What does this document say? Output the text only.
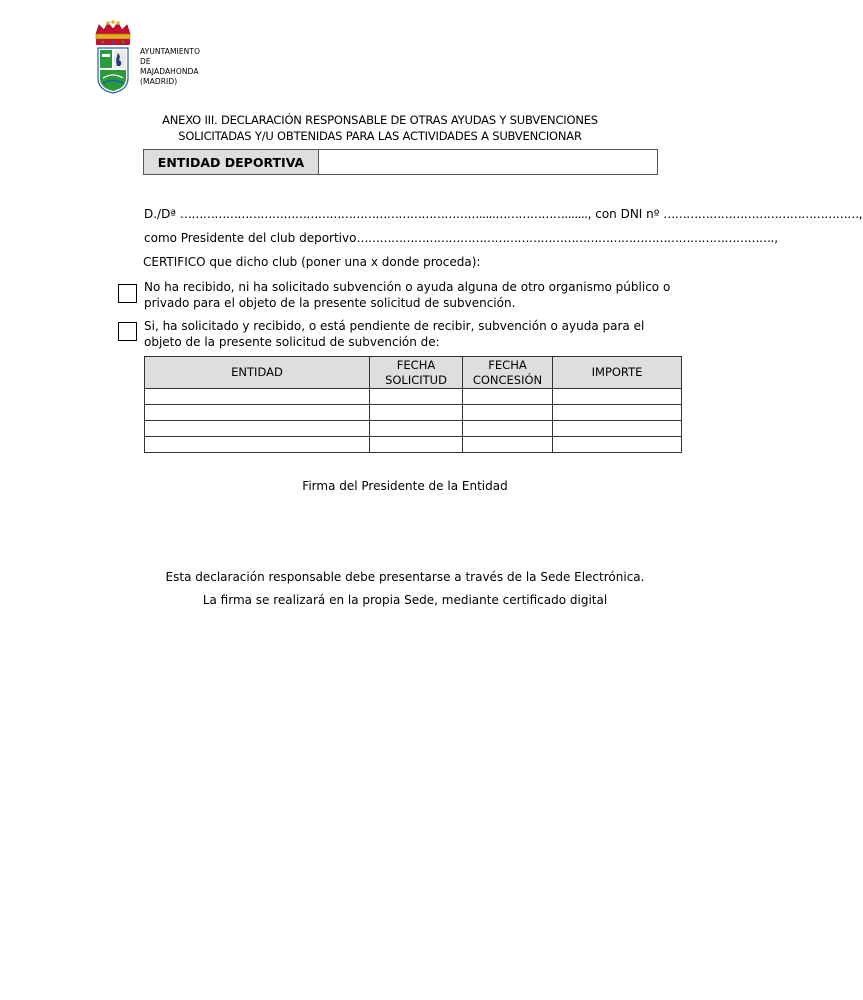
AYUNTAMIENTO
DE
MAJADAHONDA
(MADRID)
ANEXO III. DECLARACIÓN RESPONSABLE DE OTRAS AYUDAS Y SUBVENCIONES
SOLICITADAS Y/U OBTENIDAS PARA LAS ACTIVIDADES A SUBVENCIONAR
ENTIDAD DEPORTIVA
D./Dª …………………………………………………………………….....………………......., con DNI nº ……………………………………………,
como Presidente del club deportivo……………………………………………………………………………………………….,
CERTIFICO que dicho club (poner una x donde proceda):
No ha recibido, ni ha solicitado subvención o ayuda alguna de otro organismo público o privado para el objeto de la presente solicitud de subvención.
Si, ha solicitado y recibido, o está pendiente de recibir, subvención o ayuda para el objeto de la presente solicitud de subvención de:
ENTIDAD	FECHA
SOLICITUD	FECHA
CONCESIÓN	IMPORTE

Firma del Presidente de la Entidad
Esta declaración responsable debe presentarse a través de la Sede Electrónica.
La firma se realizará en la propia Sede, mediante certificado digital
